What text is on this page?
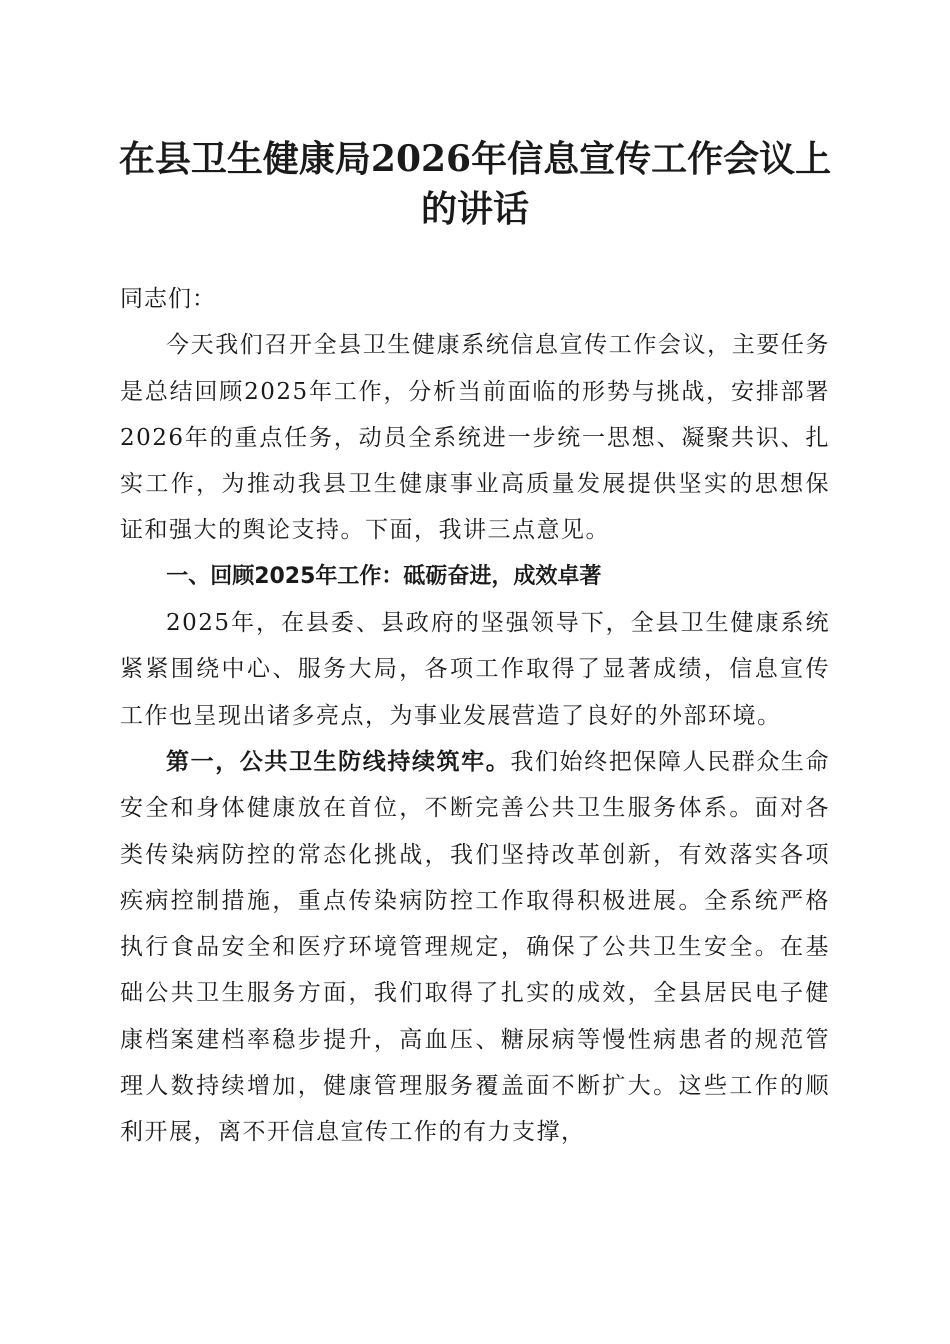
在县卫生健康局2026年信息宣传工作会议上
的讲话

同志们：

今天我们召开全县卫生健康系统信息宣传工作会议，主要任务是总结回顾2025年工作，分析当前面临的形势与挑战，安排部署2026年的重点任务，动员全系统进一步统一思想、凝聚共识、扎实工作，为推动我县卫生健康事业高质量发展提供坚实的思想保证和强大的舆论支持。下面，我讲三点意见。

一、回顾2025年工作：砥砺奋进，成效卓著

2025年，在县委、县政府的坚强领导下，全县卫生健康系统紧紧围绕中心、服务大局，各项工作取得了显著成绩，信息宣传工作也呈现出诸多亮点，为事业发展营造了良好的外部环境。

第一，公共卫生防线持续筑牢。我们始终把保障人民群众生命安全和身体健康放在首位，不断完善公共卫生服务体系。面对各类传染病防控的常态化挑战，我们坚持改革创新，有效落实各项疾病控制措施，重点传染病防控工作取得积极进展。全系统严格执行食品安全和医疗环境管理规定，确保了公共卫生安全。在基础公共卫生服务方面，我们取得了扎实的成效，全县居民电子健康档案建档率稳步提升，高血压、糖尿病等慢性病患者的规范管理人数持续增加，健康管理服务覆盖面不断扩大。这些工作的顺利开展，离不开信息宣传工作的有力支撑，
